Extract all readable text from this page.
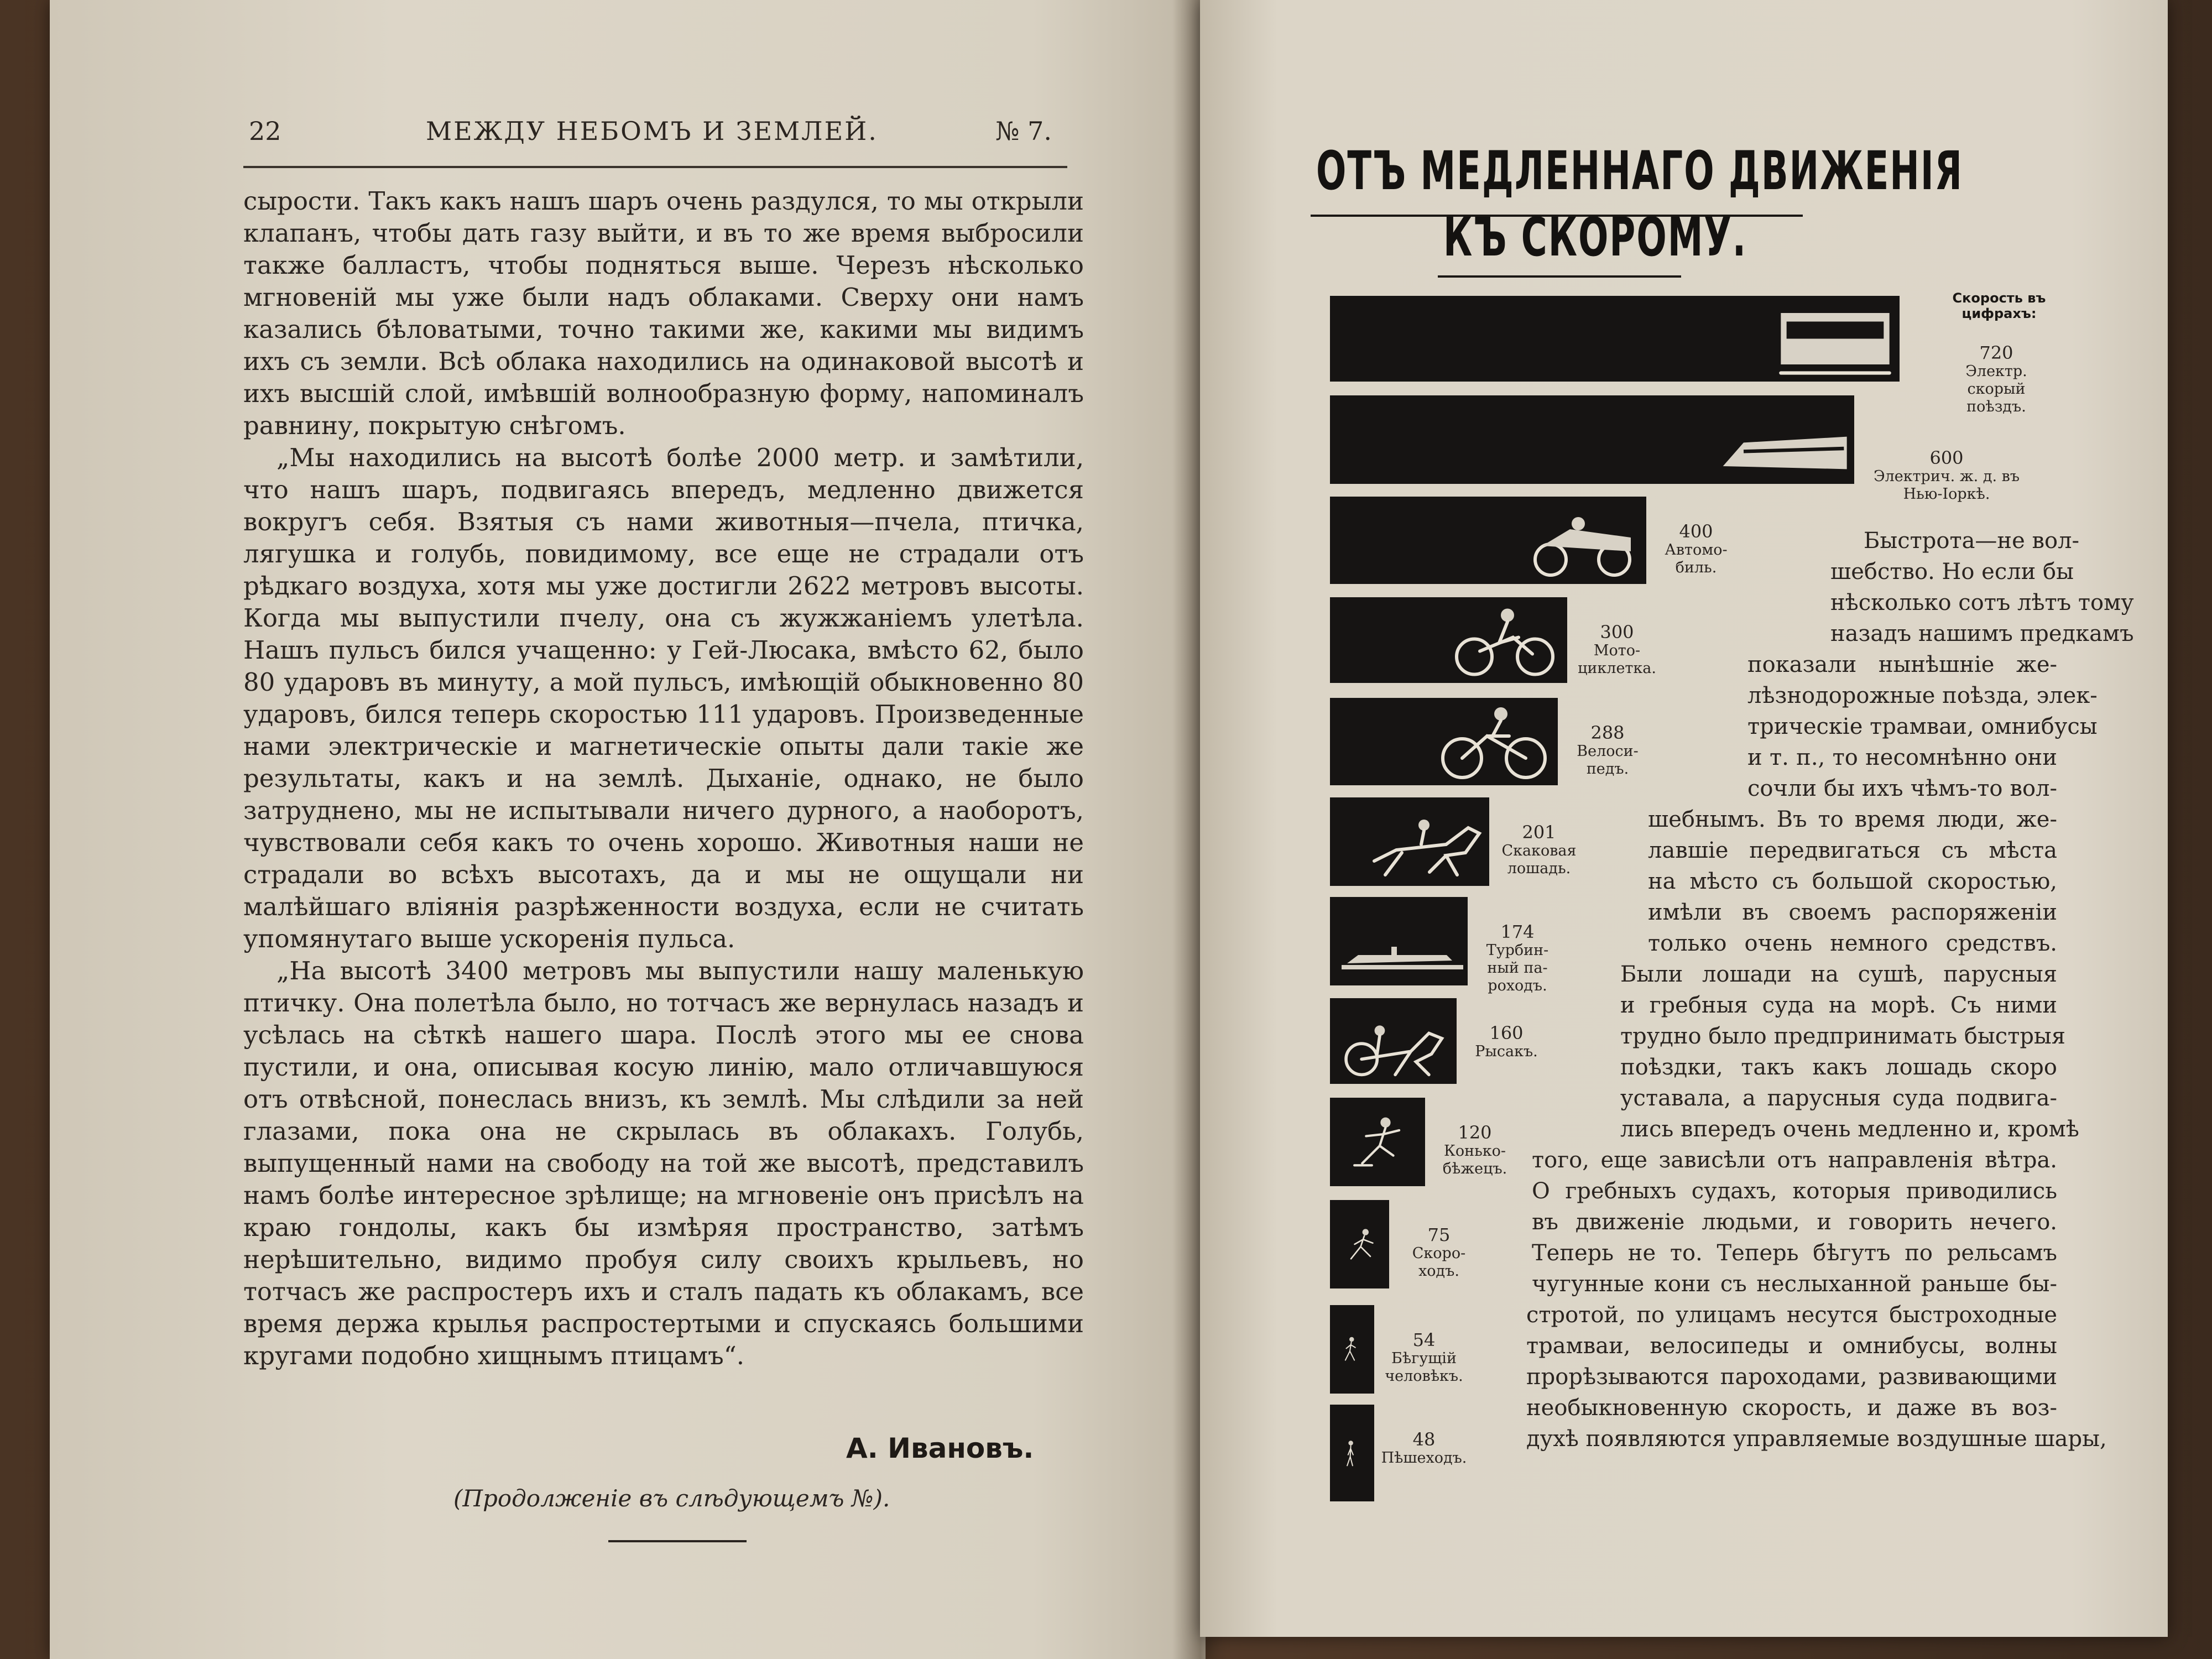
22	МЕЖДУ НЕБОМЪ И ЗЕМЛЕЙ.	№ 7.

сырости. Такъ какъ нашъ шаръ очень раздулся, то мы открыли клапанъ, чтобы дать газу выйти, и въ то же время выбросили также балластъ, чтобы подняться выше. Черезъ нѣсколько мгновеній мы уже были надъ облаками. Сверху они намъ казались бѣловатыми, точно такими же, какими мы видимъ ихъ съ земли. Всѣ облака находились на одинаковой высотѣ и ихъ высшій слой, имѣвшій волнообразную форму, напоминалъ равнину, покрытую снѣгомъ.

„Мы находились на высотѣ болѣе 2000 метр. и замѣтили, что нашъ шаръ, подвигаясь впередъ, медленно движется вокругъ себя. Взятыя съ нами животныя—пчела, птичка, лягушка и голубь, повидимому, все еще не страдали отъ рѣдкаго воздуха, хотя мы уже достигли 2622 метровъ высоты. Когда мы выпустили пчелу, она съ жужжаніемъ улетѣла. Нашъ пульсъ бился учащенно: у Гей-Люсака, вмѣсто 62, было 80 ударовъ въ минуту, а мой пульсъ, имѣющій обыкновенно 80 ударовъ, бился теперь скоростью 111 ударовъ. Произведенные нами электрическіе и магнетическіе опыты дали такіе же результаты, какъ и на землѣ. Дыханіе, однако, не было затруднено, мы не испытывали ничего дурного, а наоборотъ, чувствовали себя какъ то очень хорошо. Животныя наши не страдали во всѣхъ высотахъ, да и мы не ощущали ни малѣйшаго вліянія разрѣженности воздуха, если не считать упомянутаго выше ускоренія пульса.

„На высотѣ 3400 метровъ мы выпустили нашу маленькую птичку. Она полетѣла было, но тотчасъ же вернулась назадъ и усѣлась на сѣткѣ нашего шара. Послѣ этого мы ее снова пустили, и она, описывая косую линію, мало отличавшуюся отъ отвѣсной, понеслась внизъ, къ землѣ. Мы слѣдили за ней глазами, пока она не скрылась въ облакахъ. Голубь, выпущенный нами на свободу на той же высотѣ, представилъ намъ болѣе интересное зрѣлище; на мгновеніе онъ присѣлъ на краю гондолы, какъ бы измѣряя пространство, затѣмъ нерѣшительно, видимо пробуя силу своихъ крыльевъ, но тотчасъ же распростеръ ихъ и сталъ падать къ облакамъ, все время держа крылья распростертыми и спускаясь большими кругами подобно хищнымъ птицамъ“.

А. Ивановъ.
(Продолженіе въ слѣдующемъ №).
ОТЪ МЕДЛЕННАГО ДВИЖЕНІЯ
КЪ СКОРОМУ.
Скорость въ цифрахъ:
720
Электр. скорый поѣздъ.
600
Электрич. ж. д. въ Нью-Іоркѣ.
400
Автомо-биль.
300
Мото-циклетка.
288
Велоси-педъ.
201
Скаковая лошадь.
174
Турбин-ный па-роходъ.
160
Рысакъ.
120
Конько-бѣжецъ.
75
Скоро-ходъ.
54
Бѣгущій человѣкъ.
48
Пѣшеходъ.
Быстрота—не вол-
шебство. Но если бы
нѣсколько сотъ лѣтъ тому
назадъ нашимъ предкамъ
показали нынѣшніе же-
лѣзнодорожные поѣзда, элек-
трическіе трамваи, омнибусы
и т. п., то несомнѣнно они
сочли бы ихъ чѣмъ-то вол-
шебнымъ. Въ то время люди, же-
лавшіе передвигаться съ мѣста
на мѣсто съ большой скоростью,
имѣли въ своемъ распоряженіи
только очень немного средствъ.
Были лошади на сушѣ, парусныя
и гребныя суда на морѣ. Съ ними
трудно было предпринимать быстрыя
поѣздки, такъ какъ лошадь скоро
уставала, а парусныя суда подвига-
лись впередъ очень медленно и, кромѣ
того, еще зависѣли отъ направленія вѣтра.
О гребныхъ судахъ, которыя приводились
въ движеніе людьми, и говорить нечего.
Теперь не то. Теперь бѣгутъ по рельсамъ
чугунные кони съ неслыханной раньше бы-
стротой, по улицамъ несутся быстроходные
трамваи, велосипеды и омнибусы, волны
прорѣзываются пароходами, развивающими
необыкновенную скорость, и даже въ воз-
духѣ появляются управляемые воздушные шары,
